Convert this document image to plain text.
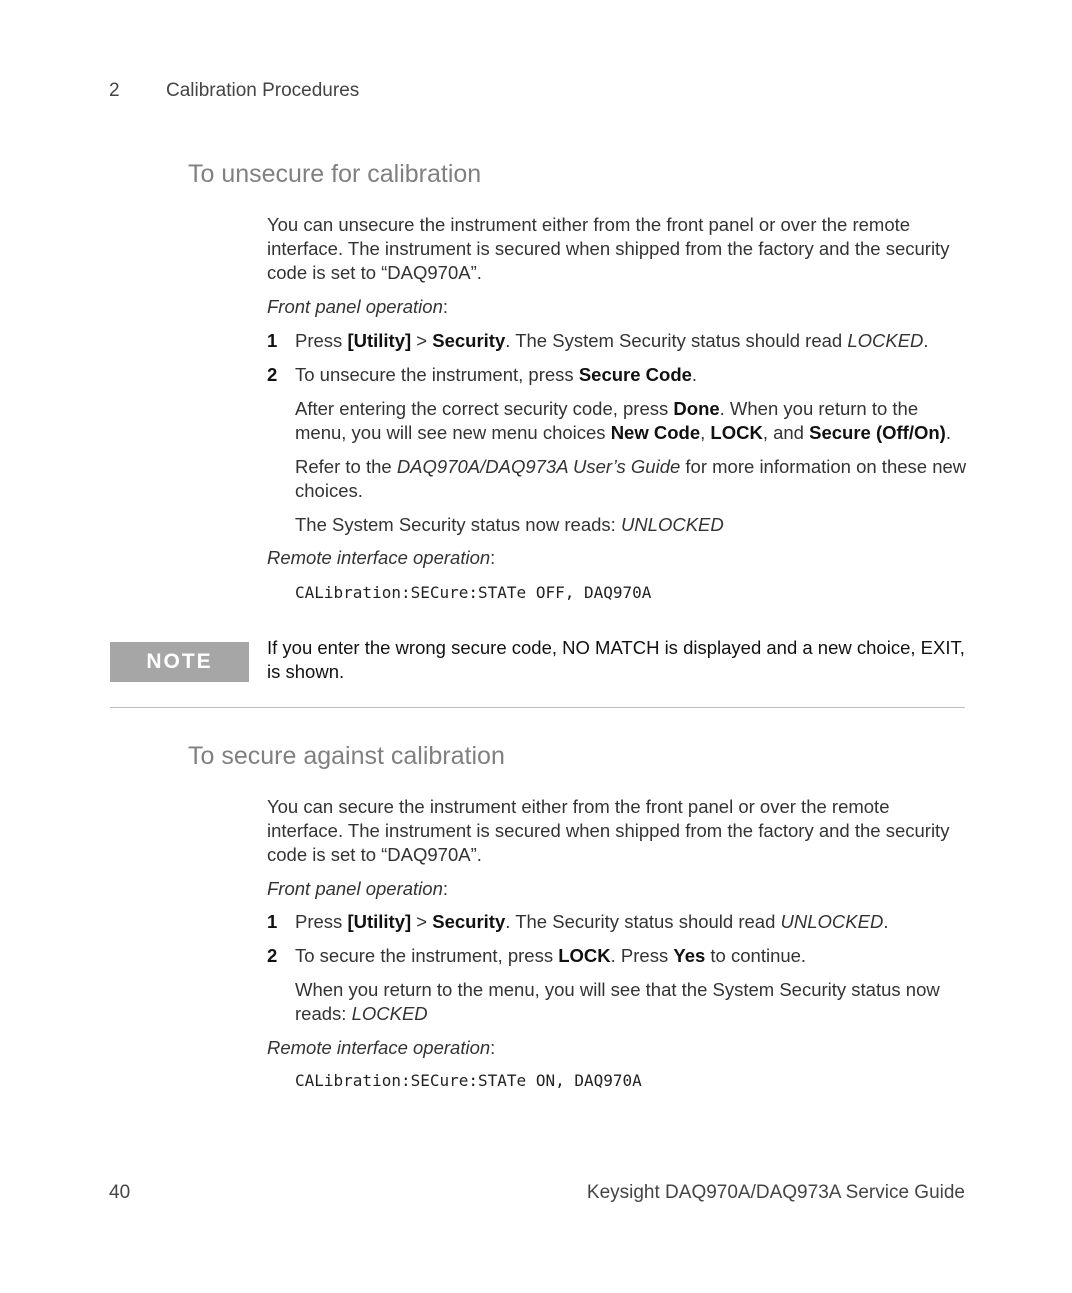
2 Calibration Procedures
To unsecure for calibration
You can unsecure the instrument either from the front panel or over the remote interface. The instrument is secured when shipped from the factory and the security code is set to “DAQ970A”.
Front panel operation:
1 Press [Utility] > Security. The System Security status should read LOCKED.
2 To unsecure the instrument, press Secure Code.
After entering the correct security code, press Done. When you return to the menu, you will see new menu choices New Code, LOCK, and Secure (Off/On).
Refer to the DAQ970A/DAQ973A User’s Guide for more information on these new choices.
The System Security status now reads: UNLOCKED
Remote interface operation:
CALibration:SECure:STATe OFF, DAQ970A
NOTE
If you enter the wrong secure code, NO MATCH is displayed and a new choice, EXIT, is shown.
To secure against calibration
You can secure the instrument either from the front panel or over the remote interface. The instrument is secured when shipped from the factory and the security code is set to “DAQ970A”.
Front panel operation:
1 Press [Utility] > Security. The Security status should read UNLOCKED.
2 To secure the instrument, press LOCK. Press Yes to continue.
When you return to the menu, you will see that the System Security status now reads: LOCKED
Remote interface operation:
CALibration:SECure:STATe ON, DAQ970A
40	Keysight DAQ970A/DAQ973A Service Guide
